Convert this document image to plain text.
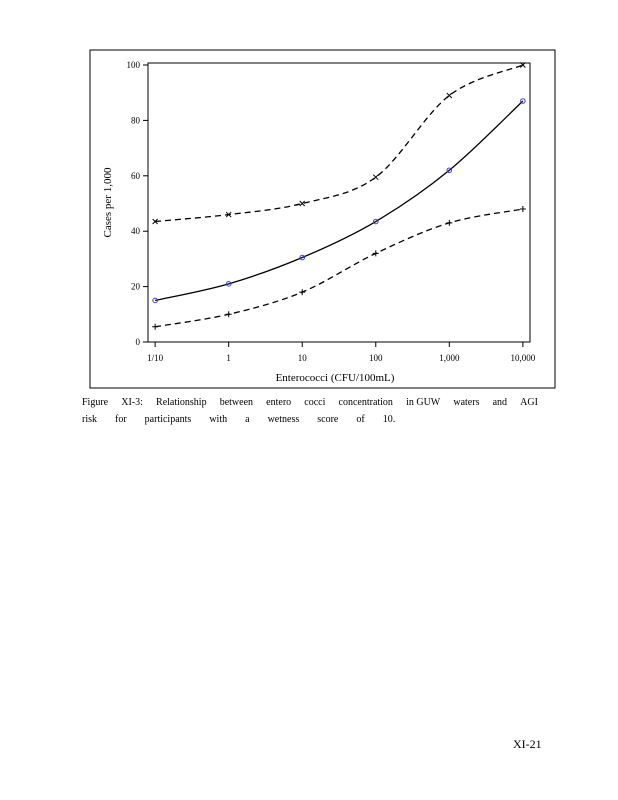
0
20
40
60
80
100
1/10	1	10	100	1,000	10,000
Enterococci (CFU/100mL)
Cases per 1,000
Figure XI-3: Relationship between entero cocci concentration in GUW waters and AGI
risk for participants with a wetness score of 10.
XI-21
